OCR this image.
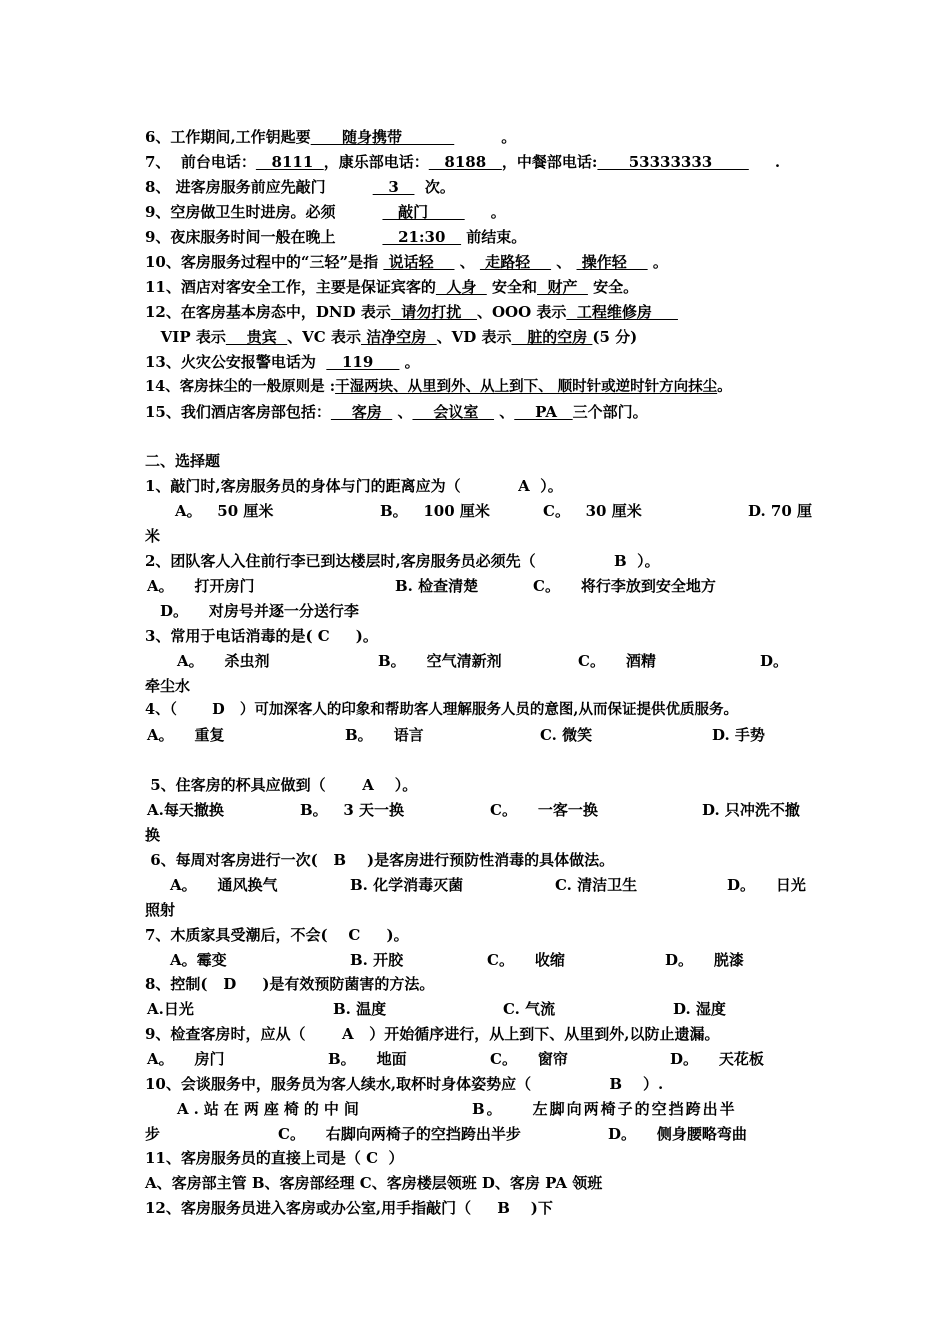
6、工作期间,工作钥匙要      随身携带                   。
7、  前台电话：   8111  ，康乐部电话：   8188   ，中餐部电话:      53333333            .
8、 进客房服务前应先敲门            3     次。
9、空房做卫生时进房。必须            敲门            。
9、夜床服务时间一般在晚上            21:30    前结束。
10、客房服务过程中的“三轻”是指  说话轻     、  走路轻     、  操作轻     。
11、酒店对客安全工作，主要是保证宾客的  人身   安全和  财产   安全。
12、在客房基本房态中，DND 表示  请勿打扰   、OOO 表示  工程维修房
VIP 表示    贵宾  、VC 表示 洁净空房  、VD 表示   脏的空房 (5 分)
13、火灾公安报警电话为     119      。
14、客房抹尘的一般原则是 :干湿两块、从里到外、从上到下、 顺时针或逆时针方向抹尘。
15、我们酒店客房部包括：    客房   、    会议室    、    PA   三个部门。
二、选择题
1、敲门时,客房服务员的身体与门的距离应为（           A  ）。
A。   50 厘米	B。   100 厘米	C。   30 厘米	D. 70 厘
米
2、团队客人入住前行李已到达楼层时,客房服务员必须先（               B  ）。
A。    打开房门	B. 检查清楚	C。    将行李放到安全地方
D。    对房号并逐一分送行李
3、常用于电话消毒的是( C     )。
A。    杀虫剂	B。    空气清新剂	C。    酒精	D。
牵尘水
4、（       D   ）可加深客人的印象和帮助客人理解服务人员的意图,从而保证提供优质服务。
A。    重复	B。    语言	C. 微笑	D. 手势
5、住客房的杯具应做到（       A    ）。
A.每天撤换	B。   3 天一换	C。    一客一换	D. 只冲洗不撤
换
6、每周对客房进行一次(   B    )是客房进行预防性消毒的具体做法。
A。    通风换气	B. 化学消毒灭菌	C. 清洁卫生	D。    日光
照射
7、木质家具受潮后，不会(    C     )。
A。霉变	B. 开胶	C。    收缩	D。    脱漆
8、控制(   D     )是有效预防菌害的方法。
A.日光	B. 温度	C. 气流	D. 湿度
9、检查客房时，应从（       A   ）开始循序进行，从上到下、从里到外,以防止遗漏。
A。    房门	B。    地面	C。    窗帘	D。    天花板
10、会谈服务中，服务员为客人续水,取杯时身体姿势应（               B    ）.
A.站在两座椅的中间	B。    左脚向两椅子的空挡跨出半
步	C。    右脚向两椅子的空挡跨出半步	D。    侧身腰略弯曲
11、客房服务员的直接上司是（ C  ）
A、客房部主管 B、客房部经理 C、客房楼层领班 D、客房 PA 领班
12、客房服务员进入客房或办公室,用手指敲门（     B    )下
